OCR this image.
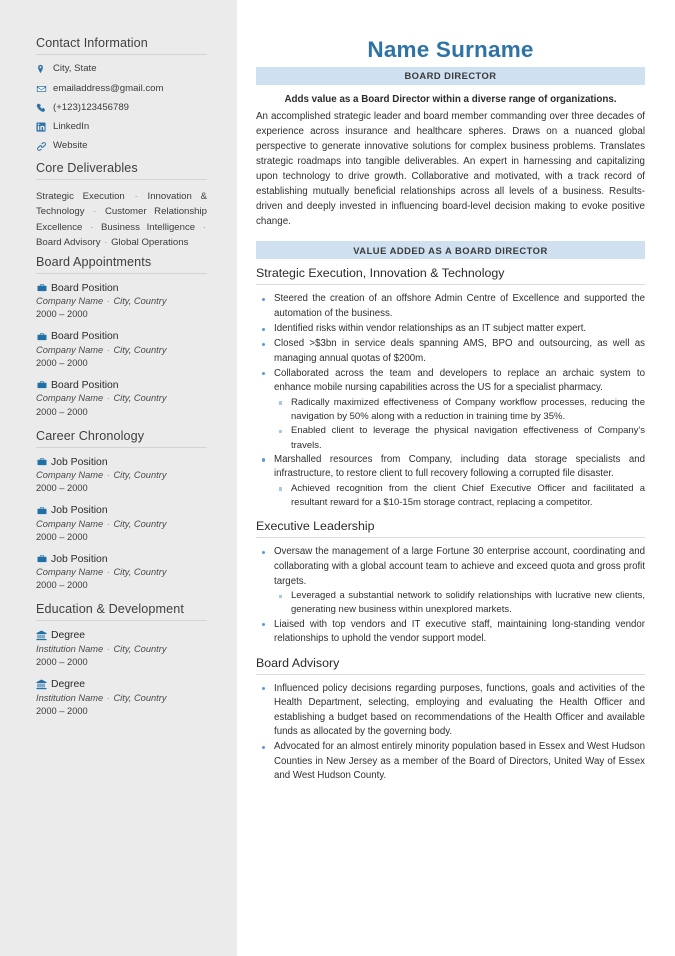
Contact Information
City, State
emailaddress@gmail.com
(+123)123456789
LinkedIn
Website
Core Deliverables

Strategic Execution · Innovation & Technology · Customer Relationship Excellence · Business Intelligence · Board Advisory · Global Operations

Board Appointments
Board Position
Company Name · City, Country
2000 – 2000
Board Position
Company Name · City, Country
2000 – 2000
Board Position
Company Name · City, Country
2000 – 2000
Career Chronology
Job Position
Company Name · City, Country
2000 – 2000
Job Position
Company Name · City, Country
2000 – 2000
Job Position
Company Name · City, Country
2000 – 2000
Education & Development
Degree
Institution Name · City, Country
2000 – 2000
Degree
Institution Name · City, Country
2000 – 2000
Name Surname
BOARD DIRECTOR

Adds value as a Board Director within a diverse range of organizations.

An accomplished strategic leader and board member commanding over three decades of experience across insurance and healthcare spheres. Draws on a nuanced global perspective to generate innovative solutions for complex business problems. Translates strategic roadmaps into tangible deliverables. An expert in harnessing and capitalizing upon technology to drive growth. Collaborative and motivated, with a track record of establishing mutually beneficial relationships across all levels of a business. Results-driven and deeply invested in influencing board-level decision making to evoke positive change.

VALUE ADDED AS A BOARD DIRECTOR
Strategic Execution, Innovation & Technology
Steered the creation of an offshore Admin Centre of Excellence and supported the automation of the business.
Identified risks within vendor relationships as an IT subject matter expert.
Closed >$3bn in service deals spanning AMS, BPO and outsourcing, as well as managing annual quotas of $200m.
Collaborated across the team and developers to replace an archaic system to enhance mobile nursing capabilities across the US for a specialist pharmacy.
Radically maximized effectiveness of Company workflow processes, reducing the navigation by 50% along with a reduction in training time by 35%.
Enabled client to leverage the physical navigation effectiveness of Company's travels.
Marshalled resources from Company, including data storage specialists and infrastructure, to restore client to full recovery following a corrupted file disaster.
Achieved recognition from the client Chief Executive Officer and facilitated a resultant reward for a $10-15m storage contract, replacing a competitor.
Executive Leadership
Oversaw the management of a large Fortune 30 enterprise account, coordinating and collaborating with a global account team to achieve and exceed quota and gross profit targets.
Leveraged a substantial network to solidify relationships with lucrative new clients, generating new business within unexplored markets.
Liaised with top vendors and IT executive staff, maintaining long-standing vendor relationships to uphold the vendor support model.
Board Advisory
Influenced policy decisions regarding purposes, functions, goals and activities of the Health Department, selecting, employing and evaluating the Health Officer and establishing a budget based on recommendations of the Health Officer and available funds as allocated by the governing body.
Advocated for an almost entirely minority population based in Essex and West Hudson Counties in New Jersey as a member of the Board of Directors, United Way of Essex and West Hudson County.
